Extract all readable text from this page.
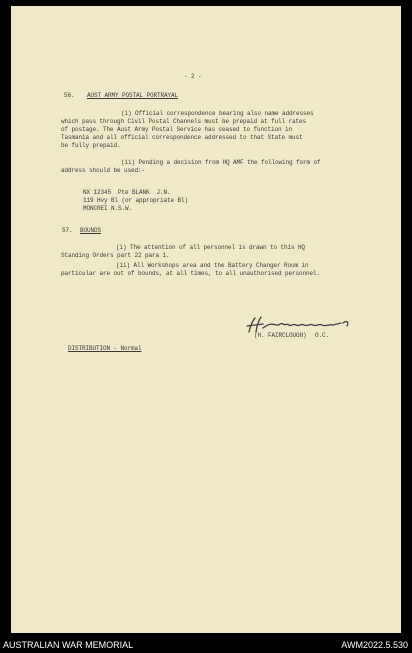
- 2 -
56. AUST ARMY POSTAL PORTRAYAL
(i) Official correspondence bearing also name addresses
which pass through Civil Postal Channels must be prepaid at full rates
of postage. The Aust Army Postal Service has ceased to function in
Tasmania and all official correspondence addressed to that State must
be fully prepaid.
(ii) Pending a decision from HQ AMF the following form of
address should be used:-
NX 12345  Pte BLANK  J.N.
119 Hvy Bl (or appropriate Bl)
MONCREI N.S.W.
57. BOUNDS
(i) The attention of all personnel is drawn to this HQ
Standing Orders part 22 para 1.
(ii) All Workshops area and the Battery Changer Room in
particular are out of bounds, at all times, to all unauthorised personnel.
(H. FAIRCLOUGH) O.C.
DISTRIBUTION - Normal
AUSTRALIAN WAR MEMORIAL	AWM2022.5.530
